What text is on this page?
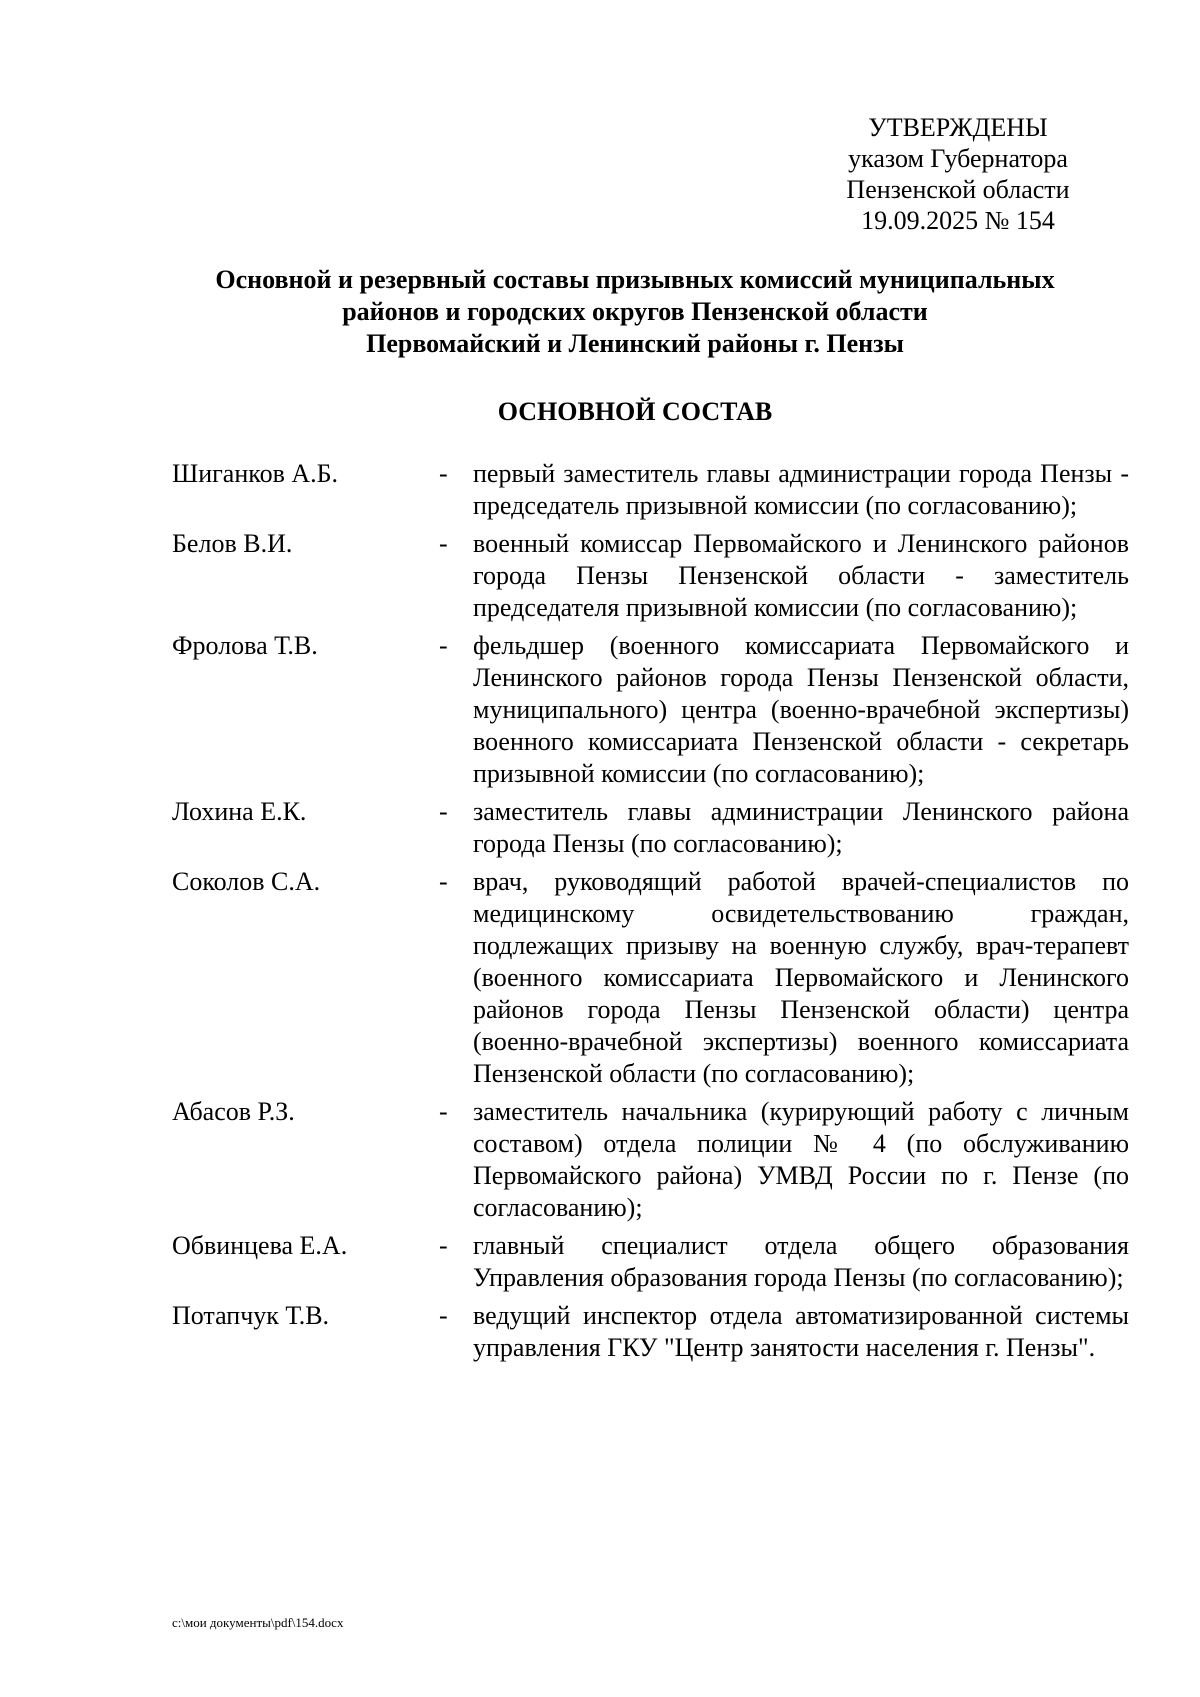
УТВЕРЖДЕНЫ
указом Губернатора
Пензенской области
19.09.2025 № 154
Основной и резервный составы призывных комиссий муниципальных
районов и городских округов Пензенской области
Первомайский и Ленинский районы г. Пензы
ОСНОВНОЙ СОСТАВ
Шиганков А.Б.	- первый заместитель главы администрации города Пензы - председатель призывной комиссии (по согласованию);
Белов В.И.	- военный комиссар Первомайского и Ленинского районов города Пензы Пензенской области - заместитель председателя призывной комиссии (по согласованию);
Фролова Т.В.	- фельдшер (военного комиссариата Первомайского и Ленинского районов города Пензы Пензенской области, муниципального) центра (военно-врачебной экспертизы) военного комиссариата Пензенской области - секретарь призывной комиссии (по согласованию);
Лохина Е.К.	- заместитель главы администрации Ленинского района города Пензы (по согласованию);
Соколов С.А.	- врач, руководящий работой врачей-специалистов по медицинскому освидетельствованию граждан, подлежащих призыву на военную службу, врач-терапевт (военного комиссариата Первомайского и Ленинского районов города Пензы Пензенской области) центра (военно-врачебной экспертизы) военного комиссариата Пензенской области (по согласованию);
Абасов Р.З.	- заместитель начальника (курирующий работу с личным составом) отдела полиции № 4 (по обслуживанию Первомайского района) УМВД России по г. Пензе (по согласованию);
Обвинцева Е.А.	- главный специалист отдела общего образования Управления образования города Пензы (по согласованию);
Потапчук Т.В.	- ведущий инспектор отдела автоматизированной системы управления ГКУ "Центр занятости населения г. Пензы".
c:\мои документы\pdf\154.docx
